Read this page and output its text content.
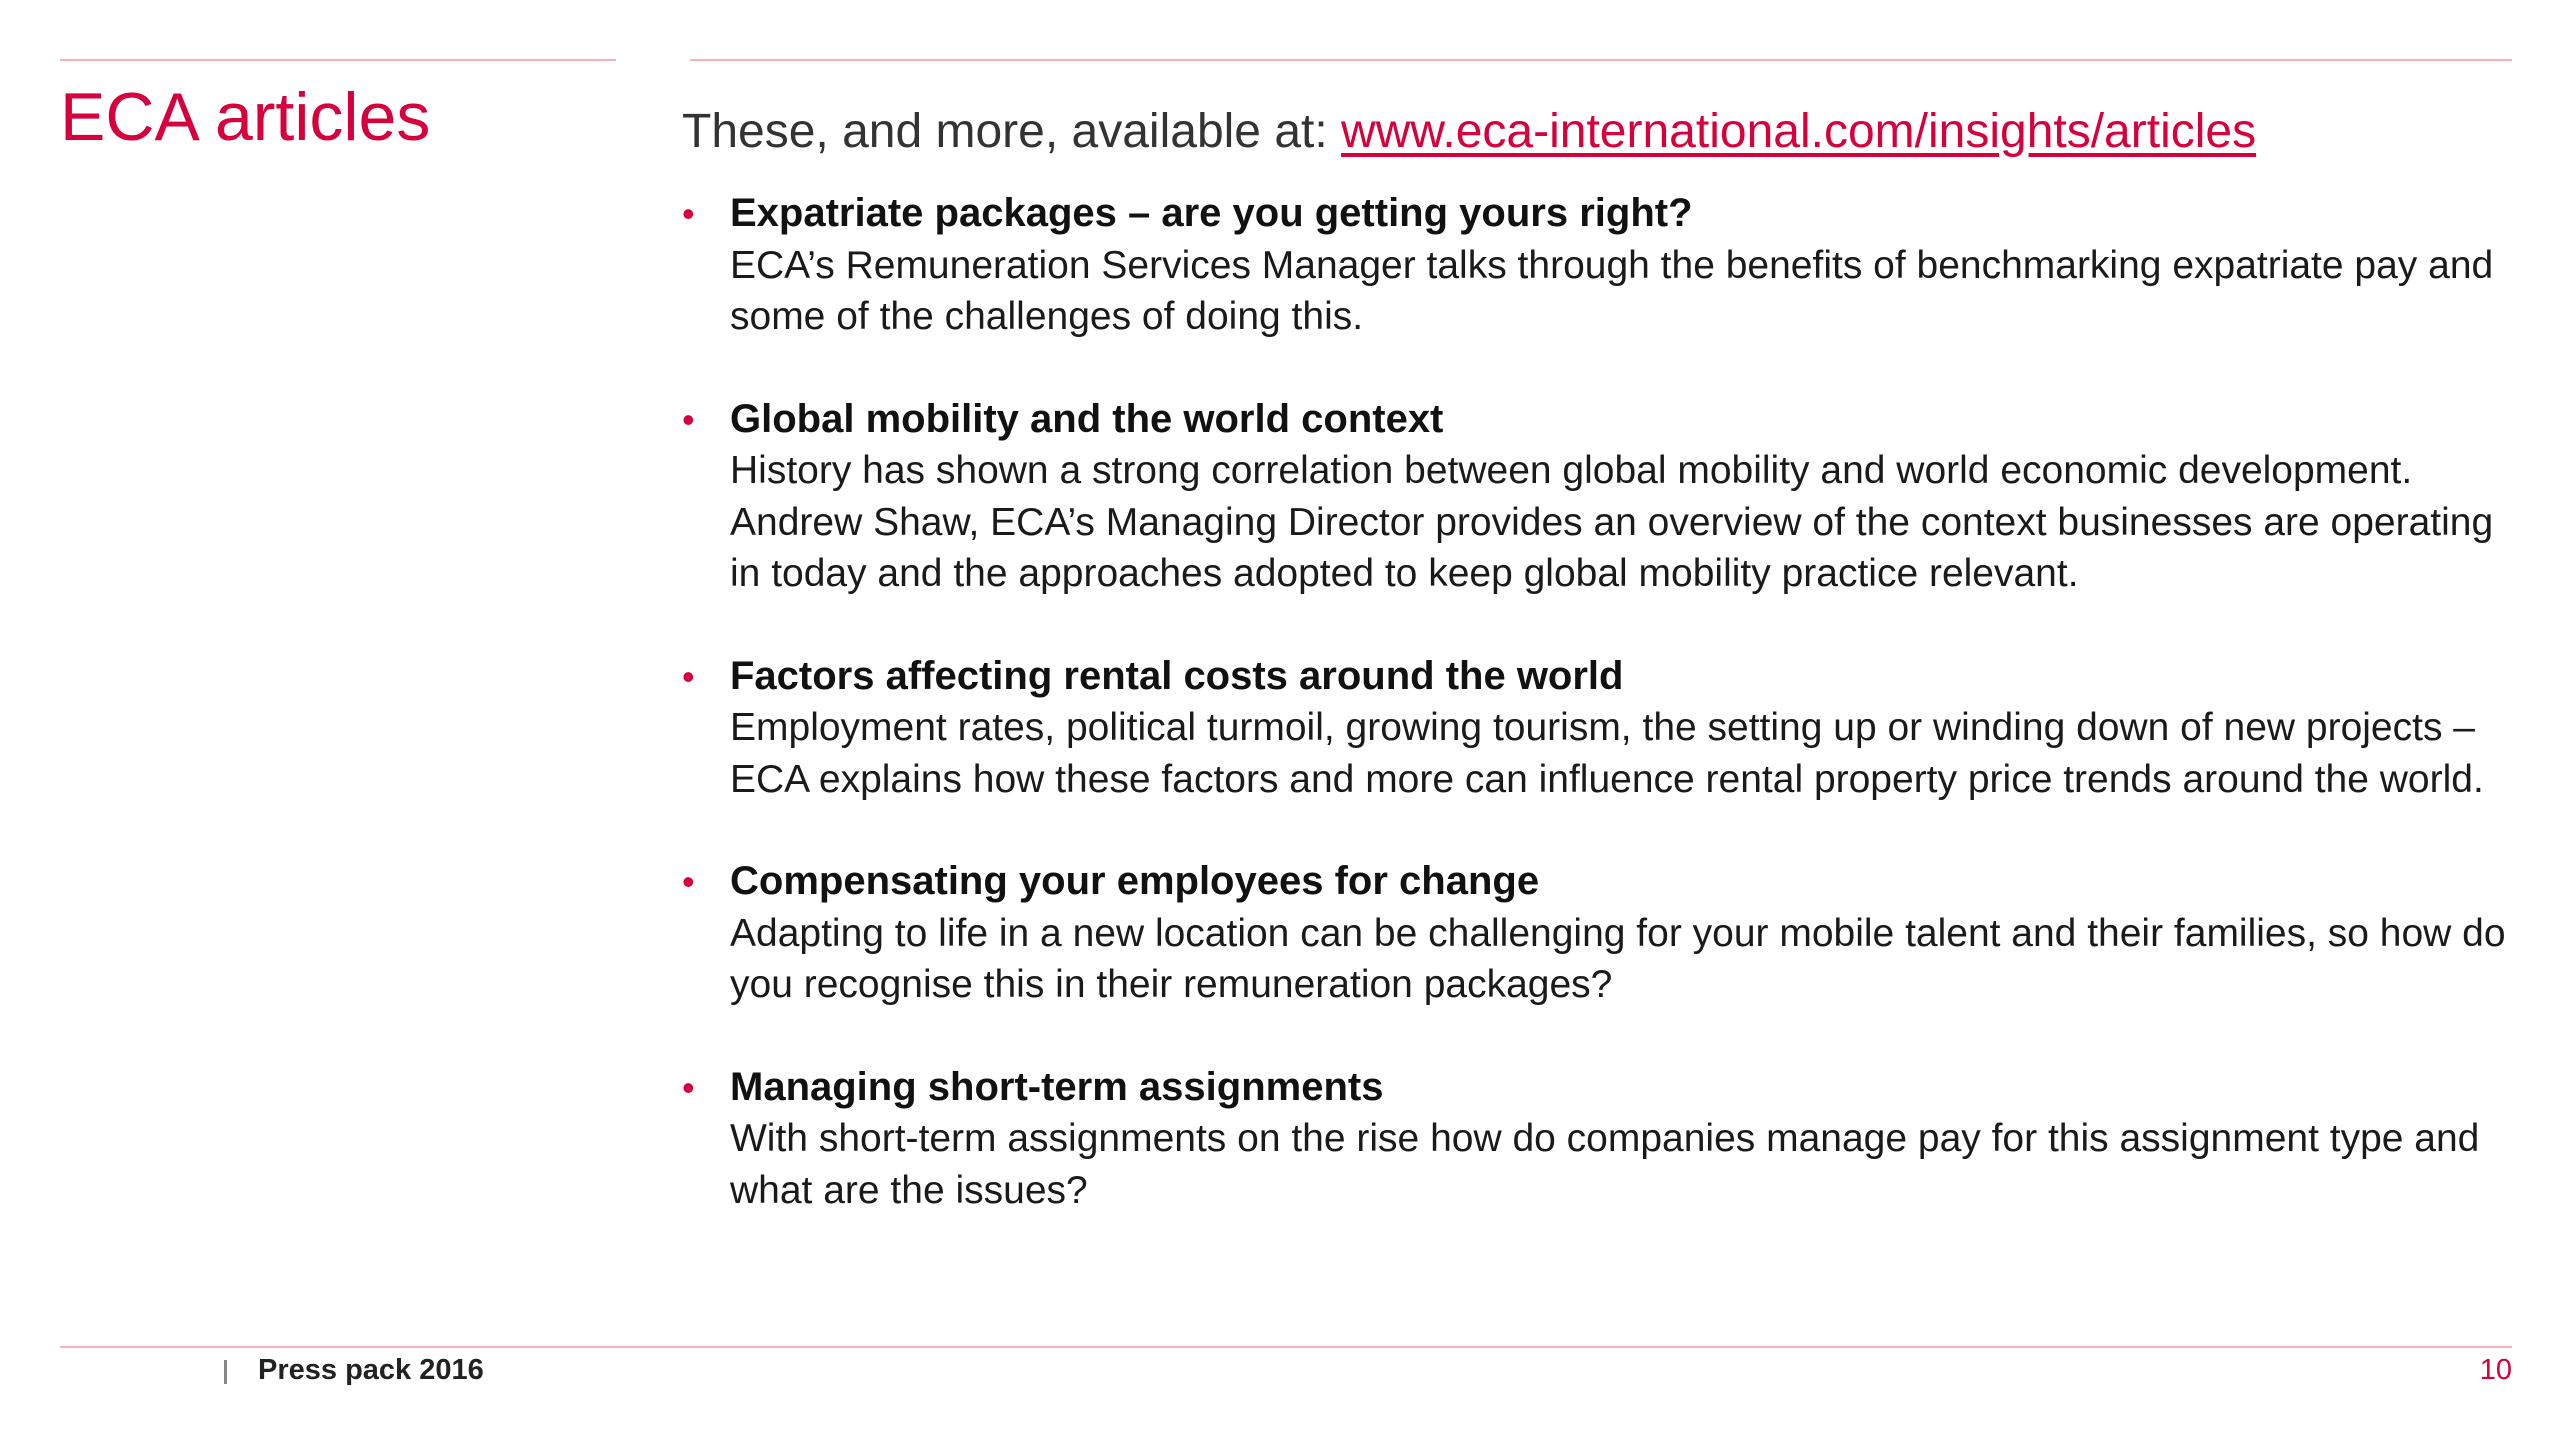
ECA articles	These, and more, available at: www.eca-international.com/insights/articles

• Expatriate packages – are you getting yours right?
ECA’s Remuneration Services Manager talks through the benefits of benchmarking expatriate pay and some of the challenges of doing this.
• Global mobility and the world context
History has shown a strong correlation between global mobility and world economic development. Andrew Shaw, ECA’s Managing Director provides an overview of the context businesses are operating in today and the approaches adopted to keep global mobility practice relevant.
• Factors affecting rental costs around the world
Employment rates, political turmoil, growing tourism, the setting up or winding down of new projects – ECA explains how these factors and more can influence rental property price trends around the world.
• Compensating your employees for change
Adapting to life in a new location can be challenging for your mobile talent and their families, so how do you recognise this in their remuneration packages?
• Managing short-term assignments
With short-term assignments on the rise how do companies manage pay for this assignment type and what are the issues?
Press pack 2016	10
